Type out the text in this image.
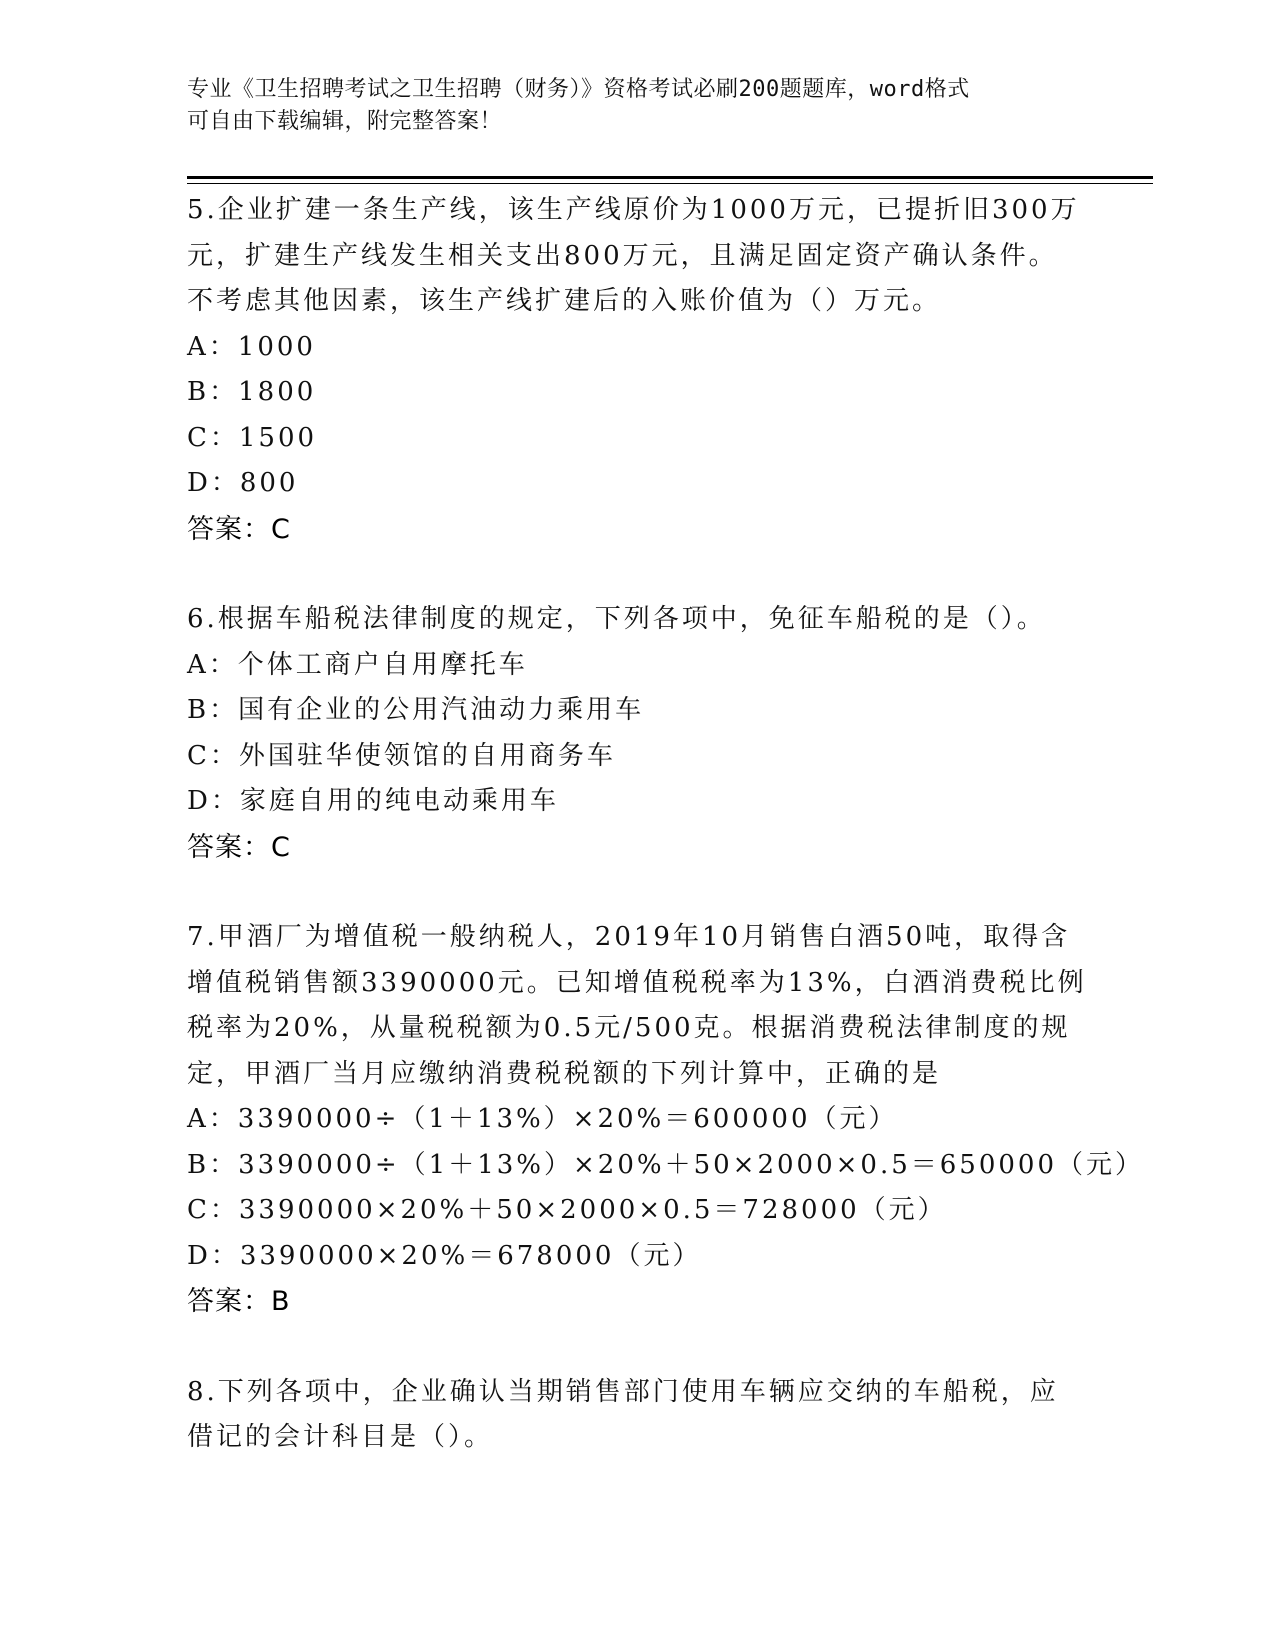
专业《卫生招聘考试之卫生招聘（财务）》资格考试必刷200题题库，word格式
可自由下载编辑，附完整答案！
5.企业扩建一条生产线，该生产线原价为1000万元，已提折旧300万
元，扩建生产线发生相关支出800万元，且满足固定资产确认条件。
不考虑其他因素，该生产线扩建后的入账价值为（）万元。
A：1000
B：1800
C：1500
D：800
答案：C
6.根据车船税法律制度的规定，下列各项中，免征车船税的是（）。
A：个体工商户自用摩托车
B：国有企业的公用汽油动力乘用车
C：外国驻华使领馆的自用商务车
D：家庭自用的纯电动乘用车
答案：C
7.甲酒厂为增值税一般纳税人，2019年10月销售白酒50吨，取得含
增值税销售额3390000元。已知增值税税率为13%，白酒消费税比例
税率为20%，从量税税额为0.5元/500克。根据消费税法律制度的规
定，甲酒厂当月应缴纳消费税税额的下列计算中，正确的是
A：3390000÷（1＋13%）×20%＝600000（元）
B：3390000÷（1＋13%）×20%＋50×2000×0.5＝650000（元）
C：3390000×20%＋50×2000×0.5＝728000（元）
D：3390000×20%＝678000（元）
答案：B
8.下列各项中，企业确认当期销售部门使用车辆应交纳的车船税，应
借记的会计科目是（）。
